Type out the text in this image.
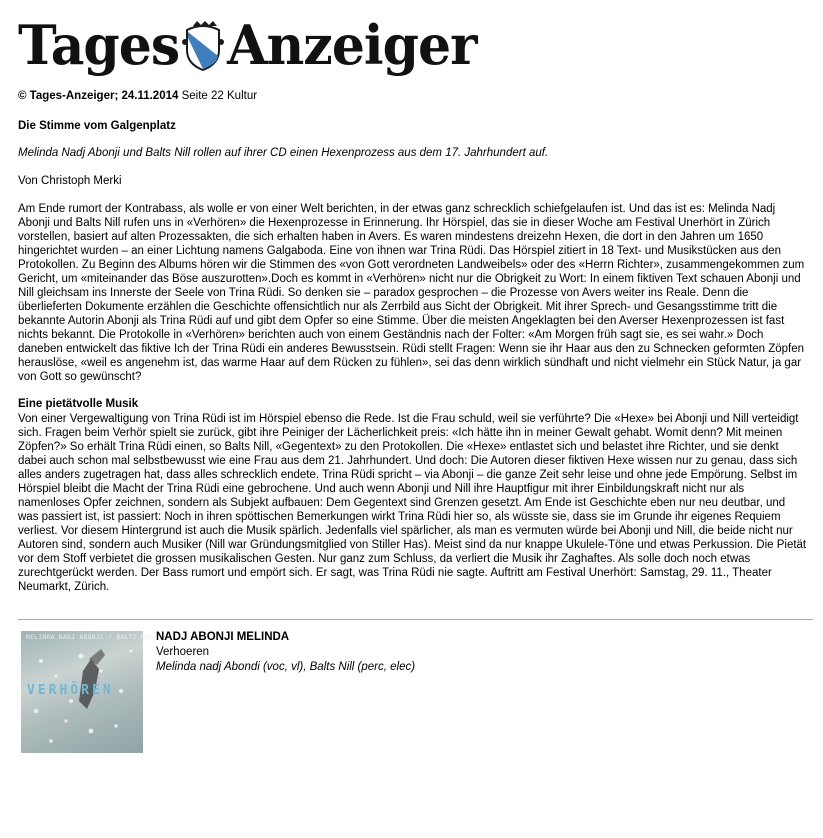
Tages Anzeiger
© Tages-Anzeiger; 24.11.2014 Seite 22 Kultur
Die Stimme vom Galgenplatz
Melinda Nadj Abonji und Balts Nill rollen auf ihrer CD einen Hexenprozess aus dem 17. Jahrhundert auf.
Von Christoph Merki

Am Ende rumort der Kontrabass, als wolle er von einer Welt berichten, in der etwas ganz schrecklich schiefgelaufen ist. Und das ist es: Melinda Nadj Abonji und Balts Nill rufen uns in «Verhören» die Hexenprozesse in Erinnerung. Ihr Hörspiel, das sie in dieser Woche am Festival Unerhört in Zürich vorstellen, basiert auf alten Prozessakten, die sich erhalten haben in Avers. Es waren mindestens dreizehn Hexen, die dort in den Jahren um 1650 hingerichtet wurden – an einer Lichtung namens Galgaboda. Eine von ihnen war Trina Rüdi. Das Hörspiel zitiert in 18 Text- und Musikstücken aus den Protokollen. Zu Beginn des Albums hören wir die Stimmen des «von Gott verordneten Landweibels» oder des «Herrn Richter», zusammengekommen zum Gericht, um «miteinander das Böse auszurotten».Doch es kommt in «Verhören» nicht nur die Obrigkeit zu Wort: In einem fiktiven Text schauen Abonji und Nill gleichsam ins Innerste der Seele von Trina Rüdi. So denken sie – paradox gesprochen – die Prozesse von Avers weiter ins Reale. Denn die überlieferten Dokumente erzählen die Geschichte offensichtlich nur als Zerrbild aus Sicht der Obrigkeit. Mit ihrer Sprech- und Gesangsstimme tritt die bekannte Autorin Abonji als Trina Rüdi auf und gibt dem Opfer so eine Stimme. Über die meisten Angeklagten bei den Averser Hexenprozessen ist fast nichts bekannt. Die Protokolle in «Verhören» berichten auch von einem Geständnis nach der Folter: «Am Morgen früh sagt sie, es sei wahr.» Doch daneben entwickelt das fiktive Ich der Trina Rüdi ein anderes Bewusstsein. Rüdi stellt Fragen: Wenn sie ihr Haar aus den zu Schnecken geformten Zöpfen herauslöse, «weil es angenehm ist, das warme Haar auf dem Rücken zu fühlen», sei das denn wirklich sündhaft und nicht vielmehr ein Stück Natur, ja gar von Gott so gewünscht?

Eine pietätvolle Musik

Von einer Vergewaltigung von Trina Rüdi ist im Hörspiel ebenso die Rede. Ist die Frau schuld, weil sie verführte? Die «Hexe» bei Abonji und Nill verteidigt sich. Fragen beim Verhör spielt sie zurück, gibt ihre Peiniger der Lächerlichkeit preis: «Ich hätte ihn in meiner Gewalt gehabt. Womit denn? Mit meinen Zöpfen?» So erhält Trina Rüdi einen, so Balts Nill, «Gegentext» zu den Protokollen. Die «Hexe» entlastet sich und belastet ihre Richter, und sie denkt dabei auch schon mal selbstbewusst wie eine Frau aus dem 21. Jahrhundert. Und doch: Die Autoren dieser fiktiven Hexe wissen nur zu genau, dass sich alles anders zugetragen hat, dass alles schrecklich endete. Trina Rüdi spricht – via Abonji – die ganze Zeit sehr leise und ohne jede Empörung. Selbst im Hörspiel bleibt die Macht der Trina Rüdi eine gebrochene. Und auch wenn Abonji und Nill ihre Hauptfigur mit ihrer Einbildungskraft nicht nur als namenloses Opfer zeichnen, sondern als Subjekt aufbauen: Dem Gegentext sind Grenzen gesetzt. Am Ende ist Geschichte eben nur neu deutbar, und was passiert ist, ist passiert: Noch in ihren spöttischen Bemerkungen wirkt Trina Rüdi hier so, als wüsste sie, dass sie im Grunde ihr eigenes Requiem verliest. Vor diesem Hintergrund ist auch die Musik spärlich. Jedenfalls viel spärlicher, als man es vermuten würde bei Abonji und Nill, die beide nicht nur Autoren sind, sondern auch Musiker (Nill war Gründungsmitglied von Stiller Has). Meist sind da nur knappe Ukulele-Töne und etwas Perkussion. Die Pietät vor dem Stoff verbietet die grossen musikalischen Gesten. Nur ganz zum Schluss, da verliert die Musik ihr Zaghaftes. Als solle doch noch etwas zurechtgerückt werden. Der Bass rumort und empört sich. Er sagt, was Trina Rüdi nie sagte. Auftritt am Festival Unerhört: Samstag, 29. 11., Theater Neumarkt, Zürich.

MELINDA NADJ ABONJI / BALTS NILL
VERHÖREN
NADJ ABONJI MELINDA
Verhoeren
Melinda nadj Abondi (voc, vl), Balts Nill (perc, elec)
